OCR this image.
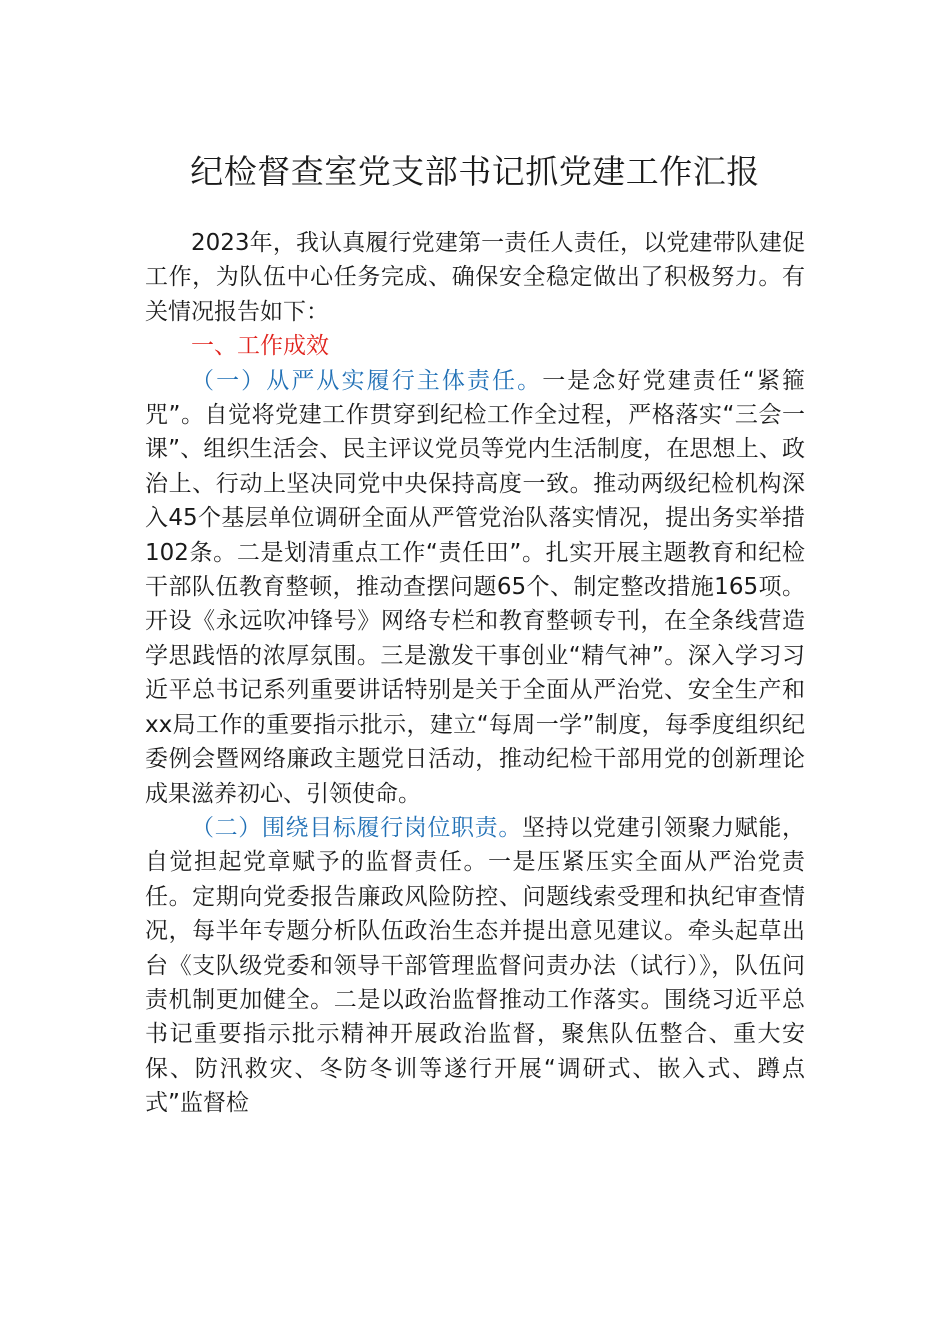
纪检督查室党支部书记抓党建工作汇报

2023年，我认真履行党建第一责任人责任，以党建带队建促工作，为队伍中心任务完成、确保安全稳定做出了积极努力。有关情况报告如下：

一、工作成效

（一）从严从实履行主体责任。一是念好党建责任“紧箍咒”。自觉将党建工作贯穿到纪检工作全过程，严格落实“三会一课”、组织生活会、民主评议党员等党内生活制度，在思想上、政治上、行动上坚决同党中央保持高度一致。推动两级纪检机构深入45个基层单位调研全面从严管党治队落实情况，提出务实举措102条。二是划清重点工作“责任田”。扎实开展主题教育和纪检干部队伍教育整顿，推动查摆问题65个、制定整改措施165项。开设《永远吹冲锋号》网络专栏和教育整顿专刊，在全条线营造学思践悟的浓厚氛围。三是激发干事创业“精气神”。深入学习习近平总书记系列重要讲话特别是关于全面从严治党、安全生产和xx局工作的重要指示批示，建立“每周一学”制度，每季度组织纪委例会暨网络廉政主题党日活动，推动纪检干部用党的创新理论成果滋养初心、引领使命。

（二）围绕目标履行岗位职责。坚持以党建引领聚力赋能，自觉担起党章赋予的监督责任。一是压紧压实全面从严治党责任。定期向党委报告廉政风险防控、问题线索受理和执纪审查情况，每半年专题分析队伍政治生态并提出意见建议。牵头起草出台《支队级党委和领导干部管理监督问责办法（试行）》，队伍问责机制更加健全。二是以政治监督推动工作落实。围绕习近平总书记重要指示批示精神开展政治监督，聚焦队伍整合、重大安保、防汛救灾、冬防冬训等遂行开展“调研式、嵌入式、蹲点式”监督检
